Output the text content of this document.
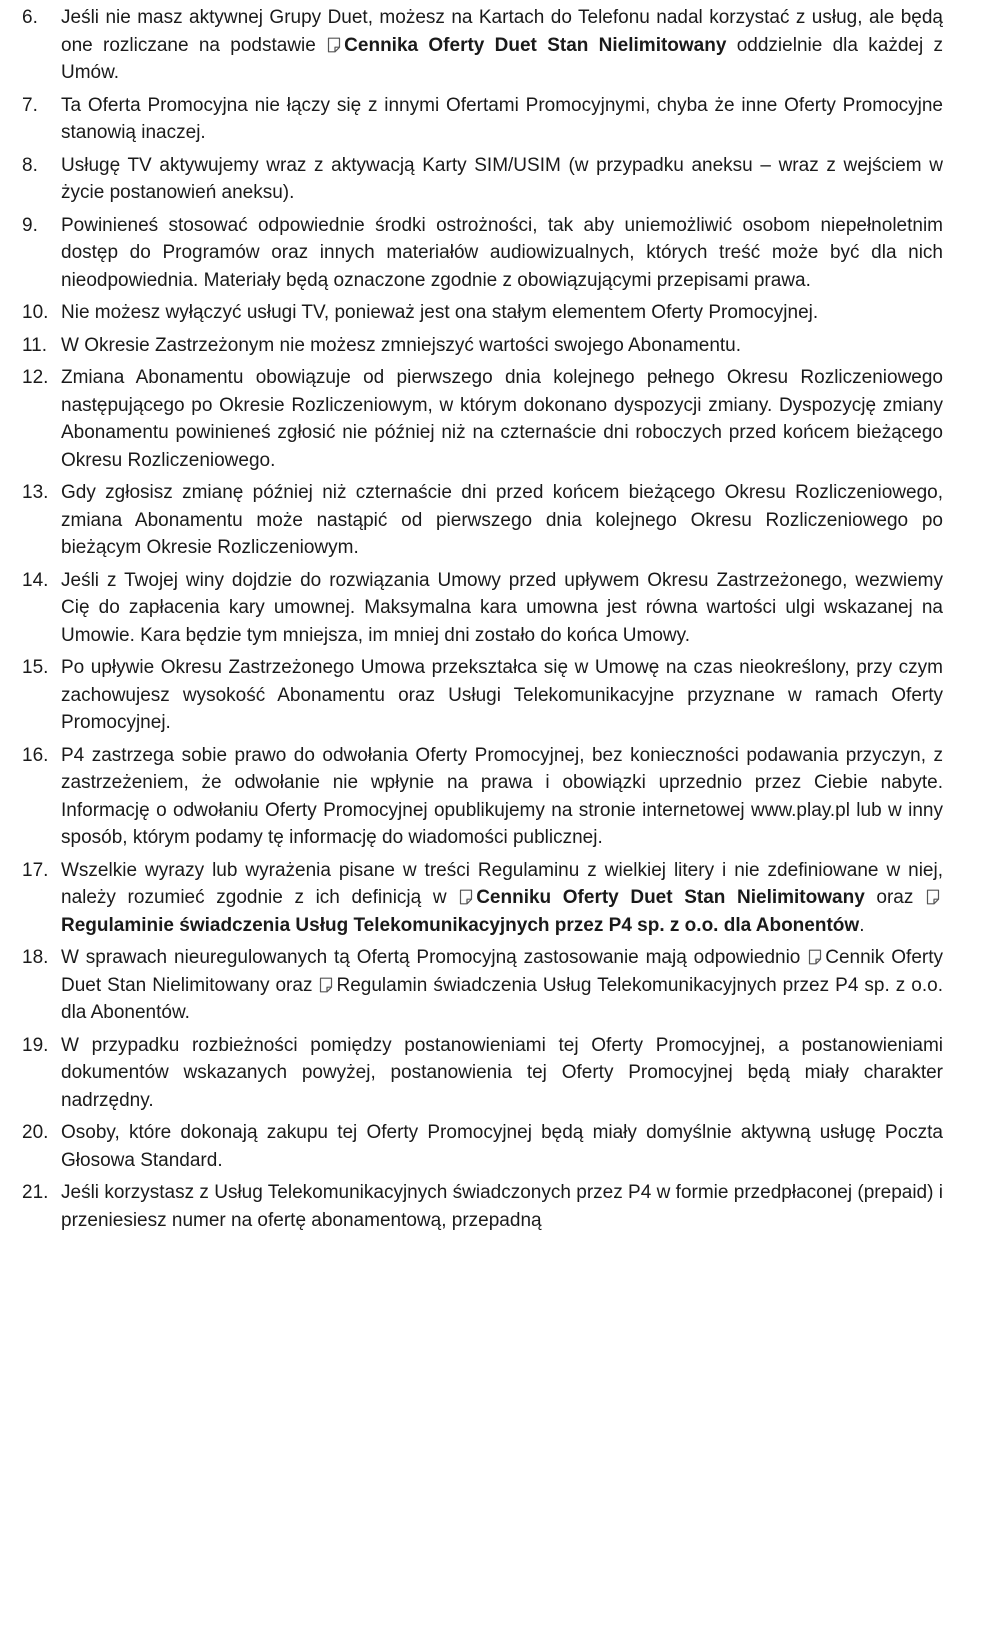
6. Jeśli nie masz aktywnej Grupy Duet, możesz na Kartach do Telefonu nadal korzystać z usług, ale będą one rozliczane na podstawie
Cennika Oferty Duet Stan Nielimitowany oddzielnie dla każdej z Umów.
7. Ta Oferta Promocyjna nie łączy się z innymi Ofertami Promocyjnymi, chyba że inne Oferty Promocyjne stanowią inaczej.
8. Usługę TV aktywujemy wraz z aktywacją Karty SIM/USIM (w przypadku aneksu – wraz z wejściem w życie postanowień aneksu).
9. Powinieneś stosować odpowiednie środki ostrożności, tak aby uniemożliwić osobom niepełnoletnim dostęp do Programów oraz innych materiałów audiowizualnych, których treść może być dla nich nieodpowiednia. Materiały będą oznaczone zgodnie z obowiązującymi przepisami prawa.
10. Nie możesz wyłączyć usługi TV, ponieważ jest ona stałym elementem Oferty Promocyjnej.
11. W Okresie Zastrzeżonym nie możesz zmniejszyć wartości swojego Abonamentu.
12. Zmiana Abonamentu obowiązuje od pierwszego dnia kolejnego pełnego Okresu Rozliczeniowego następującego po Okresie Rozliczeniowym, w którym dokonano dyspozycji zmiany. Dyspozycję zmiany Abonamentu powinieneś zgłosić nie później niż na czternaście dni roboczych przed końcem bieżącego Okresu Rozliczeniowego.
13. Gdy zgłosisz zmianę później niż czternaście dni przed końcem bieżącego Okresu Rozliczeniowego, zmiana Abonamentu może nastąpić od pierwszego dnia kolejnego Okresu Rozliczeniowego po bieżącym Okresie Rozliczeniowym.
14. Jeśli z Twojej winy dojdzie do rozwiązania Umowy przed upływem Okresu Zastrzeżonego, wezwiemy Cię do zapłacenia kary umownej. Maksymalna kara umowna jest równa wartości ulgi wskazanej na Umowie. Kara będzie tym mniejsza, im mniej dni zostało do końca Umowy.
15. Po upływie Okresu Zastrzeżonego Umowa przekształca się w Umowę na czas nieokreślony, przy czym zachowujesz wysokość Abonamentu oraz Usługi Telekomunikacyjne przyznane w ramach Oferty Promocyjnej.
16. P4 zastrzega sobie prawo do odwołania Oferty Promocyjnej, bez konieczności podawania przyczyn, z zastrzeżeniem, że odwołanie nie wpłynie na prawa i obowiązki uprzednio przez Ciebie nabyte. Informację o odwołaniu Oferty Promocyjnej opublikujemy na stronie internetowej www.play.pl lub w inny sposób, którym podamy tę informację do wiadomości publicznej.
17. Wszelkie wyrazy lub wyrażenia pisane w treści Regulaminu z wielkiej litery i nie zdefiniowane w niej, należy rozumieć zgodnie z ich definicją w
Cenniku Oferty Duet Stan Nielimitowany oraz
Regulaminie świadczenia Usług Telekomunikacyjnych przez P4 sp. z o.o. dla Abonentów.
18. W sprawach nieuregulowanych tą Ofertą Promocyjną zastosowanie mają odpowiednio
Cennik Oferty Duet Stan Nielimitowany oraz
Regulamin świadczenia Usług Telekomunikacyjnych przez P4 sp. z o.o. dla Abonentów.
19. W przypadku rozbieżności pomiędzy postanowieniami tej Oferty Promocyjnej, a postanowieniami dokumentów wskazanych powyżej, postanowienia tej Oferty Promocyjnej będą miały charakter nadrzędny.
20. Osoby, które dokonają zakupu tej Oferty Promocyjnej będą miały domyślnie aktywną usługę Poczta Głosowa Standard.
21. Jeśli korzystasz z Usług Telekomunikacyjnych świadczonych przez P4 w formie przedpłaconej (prepaid) i przeniesiesz numer na ofertę abonamentową, przepadną
